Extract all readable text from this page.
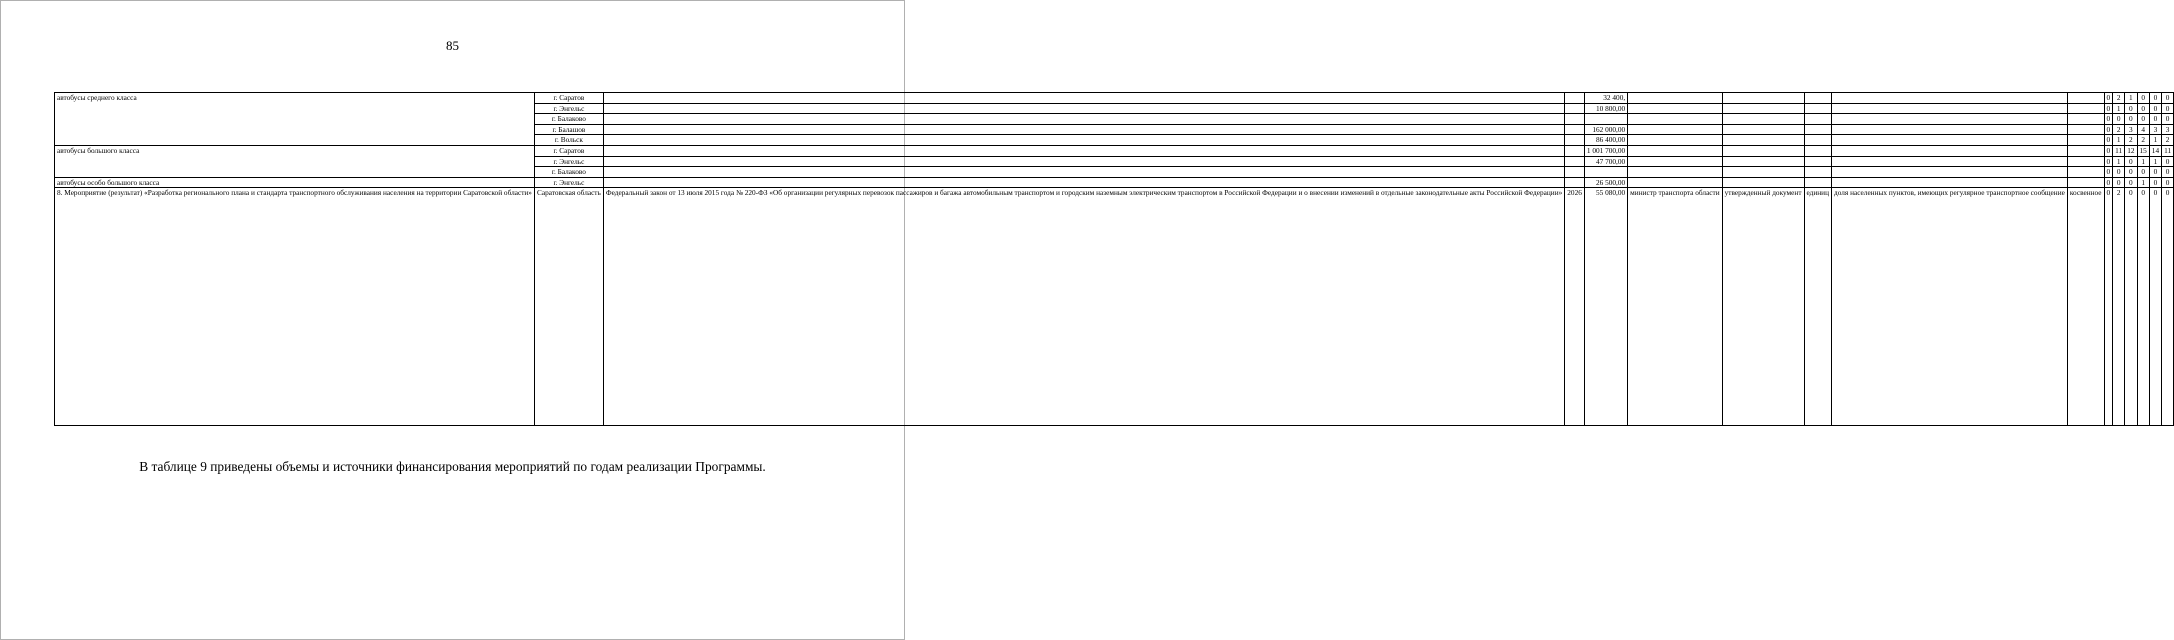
85
автобусы среднего класса	г. Саратов			32 400,						0	2	1	0	0	0
	г. Энгельс			10 800,00						0	1	0	0	0	0
	г. Балаково									0	0	0	0	0	0
	г. Балашов			162 000,00						0	2	3	4	3	3
	г. Вольск			86 400,00						0	1	2	2	1	2
автобусы большого класса	г. Саратов			1 001 700,00						0	11	12	15	14	11
	г. Энгельс			47 700,00						0	1	0	1	1	0
	г. Балаково									0	0	0	0	0	0
автобусы особо большого класса	г. Энгельс			26 500,00						0	0	0	1	0	0
8. Мероприятие (результат) «Разработка регионального плана и стандарта транспортного обслуживания населения на территории Саратовской области»	Саратовская область	Федеральный закон от 13 июля 2015 года № 220-ФЗ «Об организации регулярных перевозок пассажиров и багажа автомобильным транспортом и городским наземным электрическим транспортом в Российской Федерации и о внесении изменений в отдельные законодательные акты Российской Федерации»	2026	55 080,00	министр транспорта области	утвержденный документ	единиц	доля населенных пунктов, имеющих регулярное транспортное сообщение	косвенное	0	2	0	0	0	0
В таблице 9 приведены объемы и источники финансирования мероприятий по годам реализации Программы.
